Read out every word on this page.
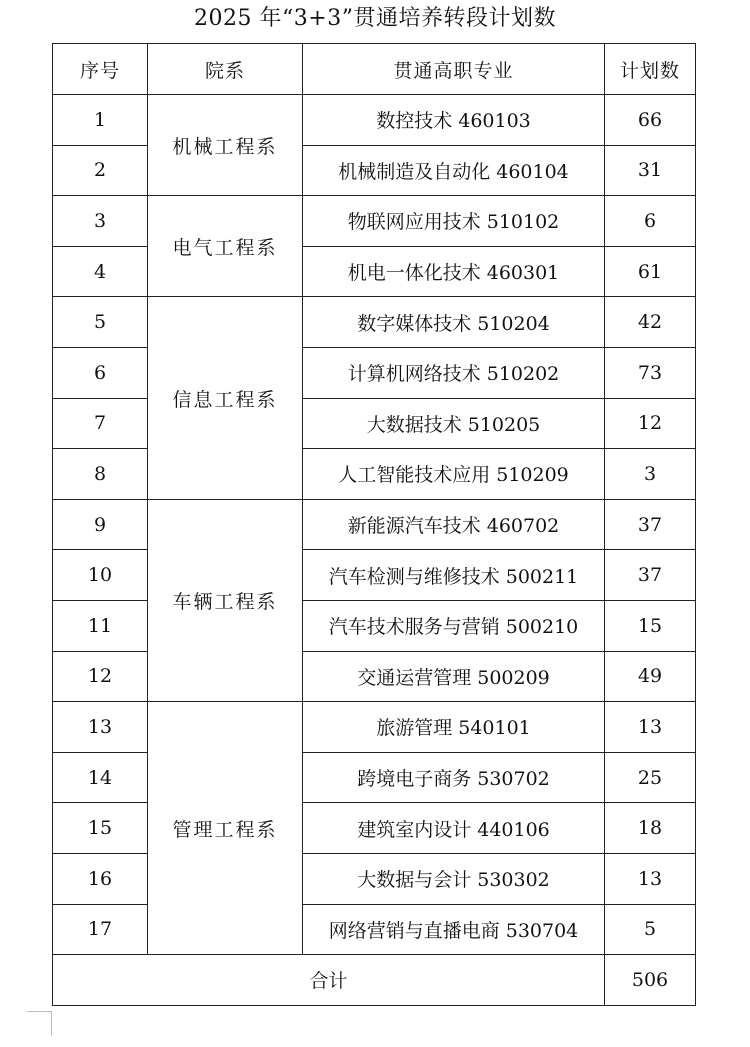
2025 年“3+3”贯通培养转段计划数
序号	院系	贯通高职专业	计划数
1	机械工程系	数控技术 460103	66
2		机械制造及自动化 460104	31
3	电气工程系	物联网应用技术 510102	6
4		机电一体化技术 460301	61
5	信息工程系	数字媒体技术 510204	42
6		计算机网络技术 510202	73
7		大数据技术 510205	12
8		人工智能技术应用 510209	3
9	车辆工程系	新能源汽车技术 460702	37
10		汽车检测与维修技术 500211	37
11		汽车技术服务与营销 500210	15
12		交通运营管理 500209	49
13	管理工程系	旅游管理 540101	13
14		跨境电子商务 530702	25
15		建筑室内设计 440106	18
16		大数据与会计 530302	13
17		网络营销与直播电商 530704	5
合计			506
